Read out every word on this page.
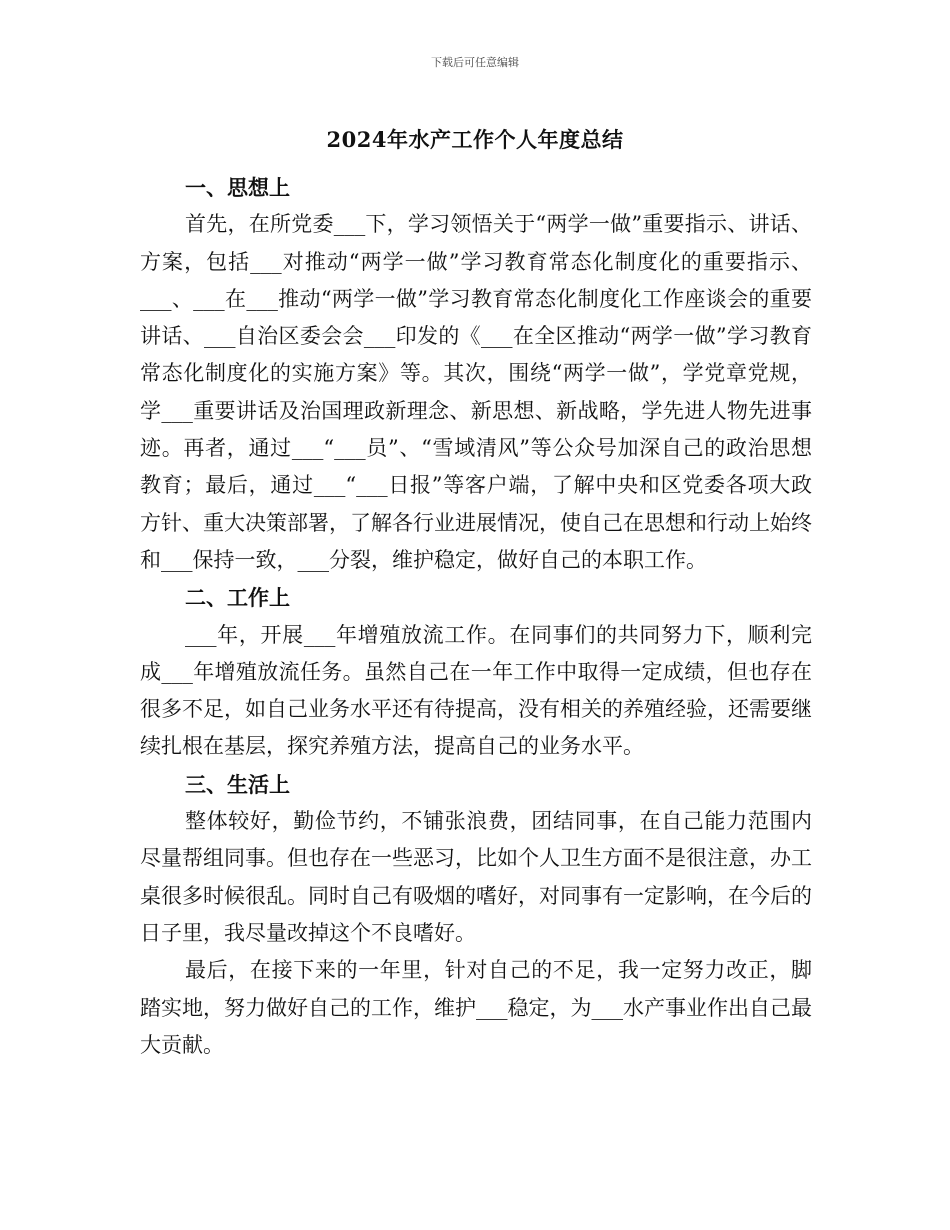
下载后可任意编辑
2024年水产工作个人年度总结

一、思想上

首先，在所党委___下，学习领悟关于“两学一做”重要指示、讲话、方案，包括___对推动“两学一做”学习教育常态化制度化的重要指示、___、___在___推动“两学一做”学习教育常态化制度化工作座谈会的重要讲话、___自治区委会会___印发的《___在全区推动“两学一做”学习教育常态化制度化的实施方案》等。其次，围绕“两学一做”，学党章党规，学___重要讲话及治国理政新理念、新思想、新战略，学先进人物先进事迹。再者，通过___“___员”、“雪域清风”等公众号加深自己的政治思想教育；最后，通过___“___日报”等客户端，了解中央和区党委各项大政方针、重大决策部署，了解各行业进展情况，使自己在思想和行动上始终和___保持一致，___分裂，维护稳定，做好自己的本职工作。

二、工作上

___年，开展___年增殖放流工作。在同事们的共同努力下，顺利完成___年增殖放流任务。虽然自己在一年工作中取得一定成绩，但也存在很多不足，如自己业务水平还有待提高，没有相关的养殖经验，还需要继续扎根在基层，探究养殖方法，提高自己的业务水平。

三、生活上

整体较好，勤俭节约，不铺张浪费，团结同事，在自己能力范围内尽量帮组同事。但也存在一些恶习，比如个人卫生方面不是很注意，办工桌很多时候很乱。同时自己有吸烟的嗜好，对同事有一定影响，在今后的日子里，我尽量改掉这个不良嗜好。

最后，在接下来的一年里，针对自己的不足，我一定努力改正，脚踏实地，努力做好自己的工作，维护___稳定，为___水产事业作出自己最大贡献。
